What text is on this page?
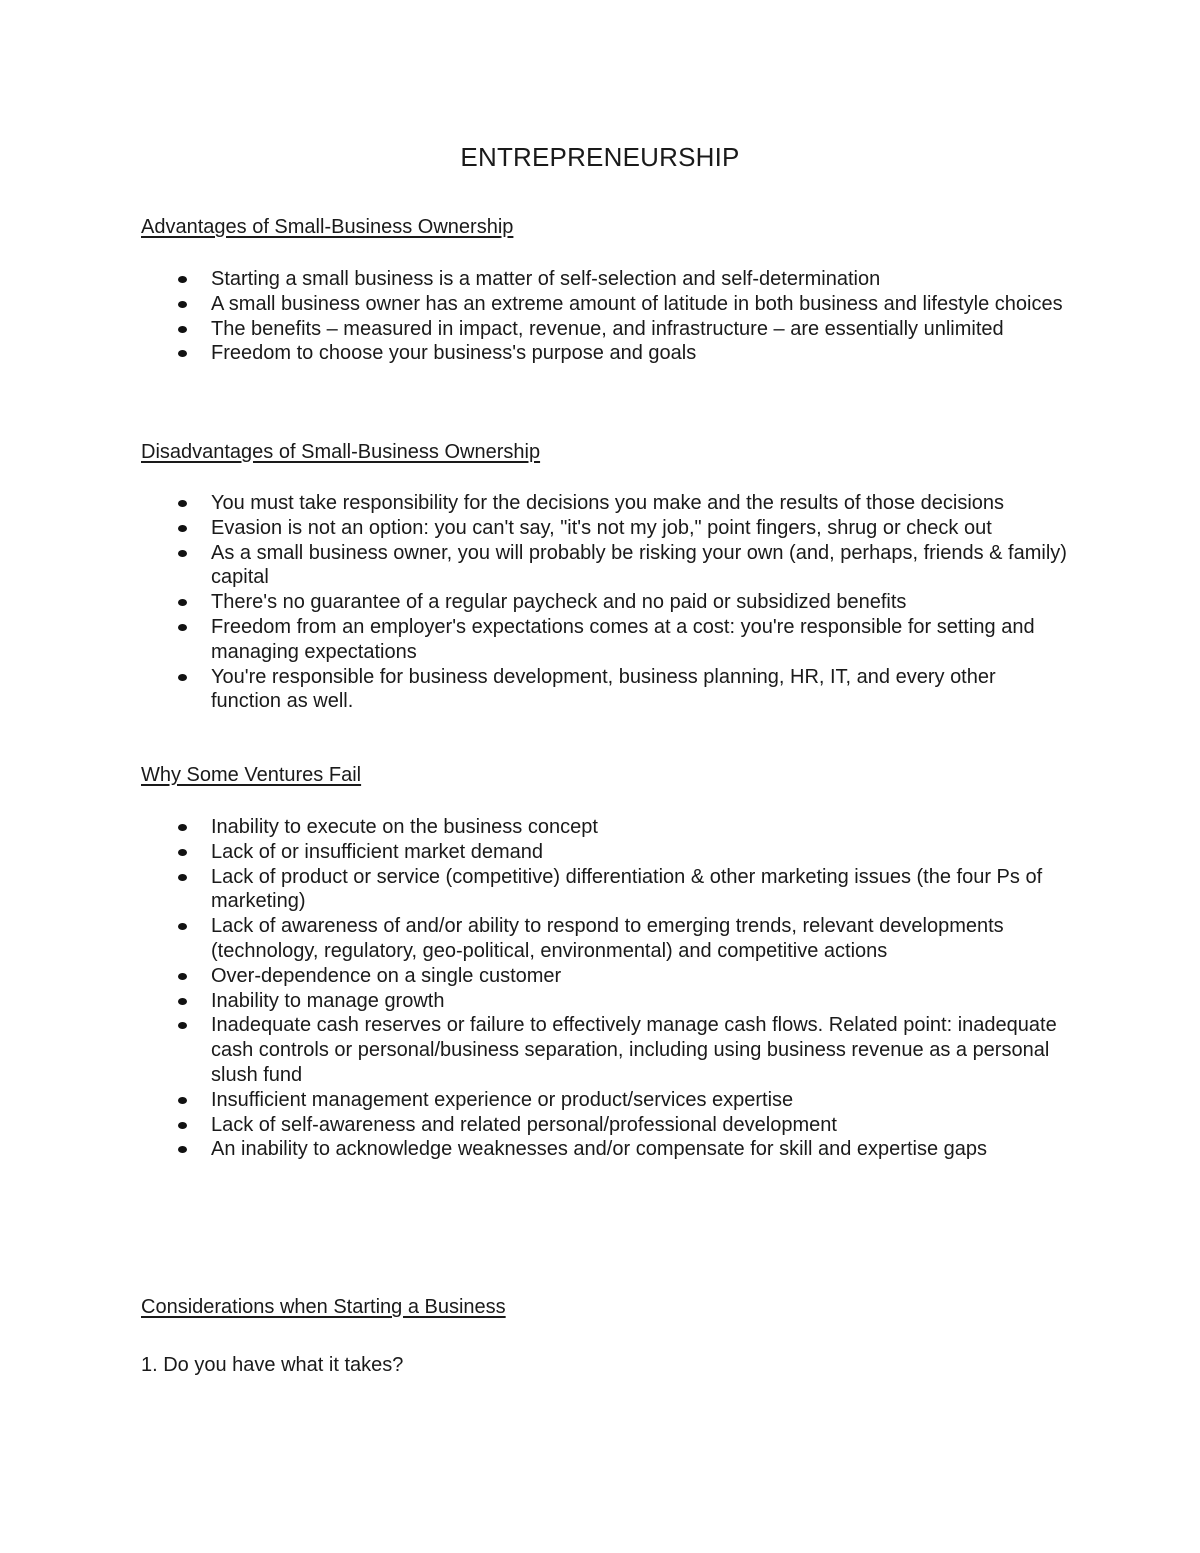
ENTREPRENEURSHIP
Advantages of Small-Business Ownership
Starting a small business is a matter of self-selection and self-determination
A small business owner has an extreme amount of latitude in both business and lifestyle choices
The benefits – measured in impact, revenue, and infrastructure – are essentially unlimited
Freedom to choose your business's purpose and goals
Disadvantages of Small-Business Ownership
You must take responsibility for the decisions you make and the results of those decisions
Evasion is not an option: you can't say, "it's not my job," point fingers, shrug or check out
As a small business owner, you will probably be risking your own (and, perhaps, friends & family) capital
There's no guarantee of a regular paycheck and no paid or subsidized benefits
Freedom from an employer's expectations comes at a cost: you're responsible for setting and managing expectations
You're responsible for business development, business planning, HR, IT, and every other function as well.
Why Some Ventures Fail
Inability to execute on the business concept
Lack of or insufficient market demand
Lack of product or service (competitive) differentiation & other marketing issues (the four Ps of marketing)
Lack of awareness of and/or ability to respond to emerging trends, relevant developments (technology, regulatory, geo-political, environmental) and competitive actions
Over-dependence on a single customer
Inability to manage growth
Inadequate cash reserves or failure to effectively manage cash flows. Related point: inadequate cash controls or personal/business separation, including using business revenue as a personal slush fund
Insufficient management experience or product/services expertise
Lack of self-awareness and related personal/professional development
An inability to acknowledge weaknesses and/or compensate for skill and expertise gaps
Considerations when Starting a Business

1. Do you have what it takes?
